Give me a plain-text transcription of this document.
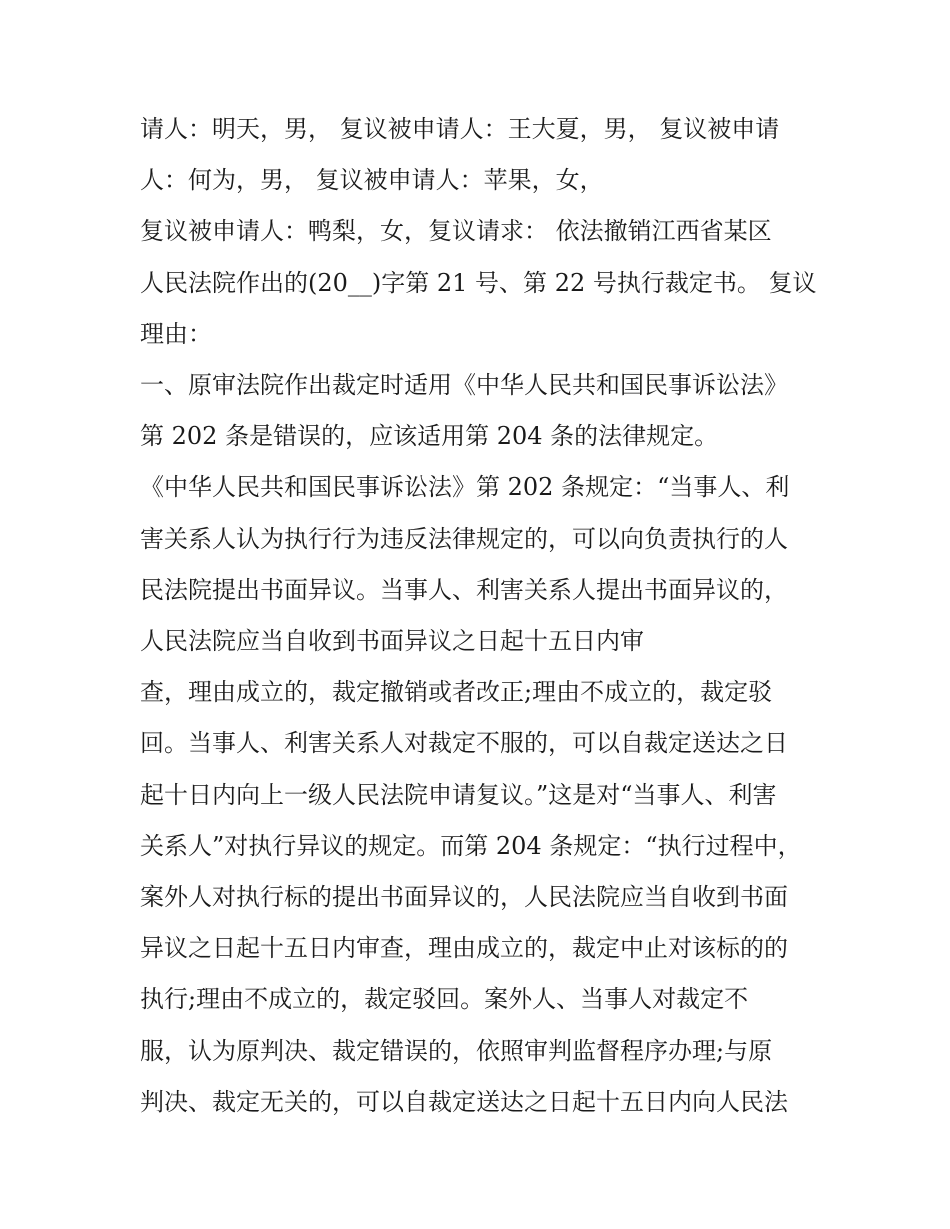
请人：明天，男， 复议被申请人：王大夏，男， 复议被申请
人：何为，男， 复议被申请人：苹果，女，
复议被申请人：鸭梨，女，复议请求： 依法撤销江西省某区
人民法院作出的(20__)字第 21 号、第 22 号执行裁定书。 复议
理由：
一、原审法院作出裁定时适用《中华人民共和国民事诉讼法》
第 202 条是错误的，应该适用第 204 条的法律规定。
《中华人民共和国民事诉讼法》第 202 条规定：“当事人、利
害关系人认为执行行为违反法律规定的，可以向负责执行的人
民法院提出书面异议。当事人、利害关系人提出书面异议的，
人民法院应当自收到书面异议之日起十五日内审
查，理由成立的，裁定撤销或者改正;理由不成立的，裁定驳
回。当事人、利害关系人对裁定不服的，可以自裁定送达之日
起十日内向上一级人民法院申请复议。”这是对“当事人、利害
关系人”对执行异议的规定。而第 204 条规定：“执行过程中，
案外人对执行标的提出书面异议的，人民法院应当自收到书面
异议之日起十五日内审查，理由成立的，裁定中止对该标的的
执行;理由不成立的，裁定驳回。案外人、当事人对裁定不
服，认为原判决、裁定错误的，依照审判监督程序办理;与原
判决、裁定无关的，可以自裁定送达之日起十五日内向人民法
